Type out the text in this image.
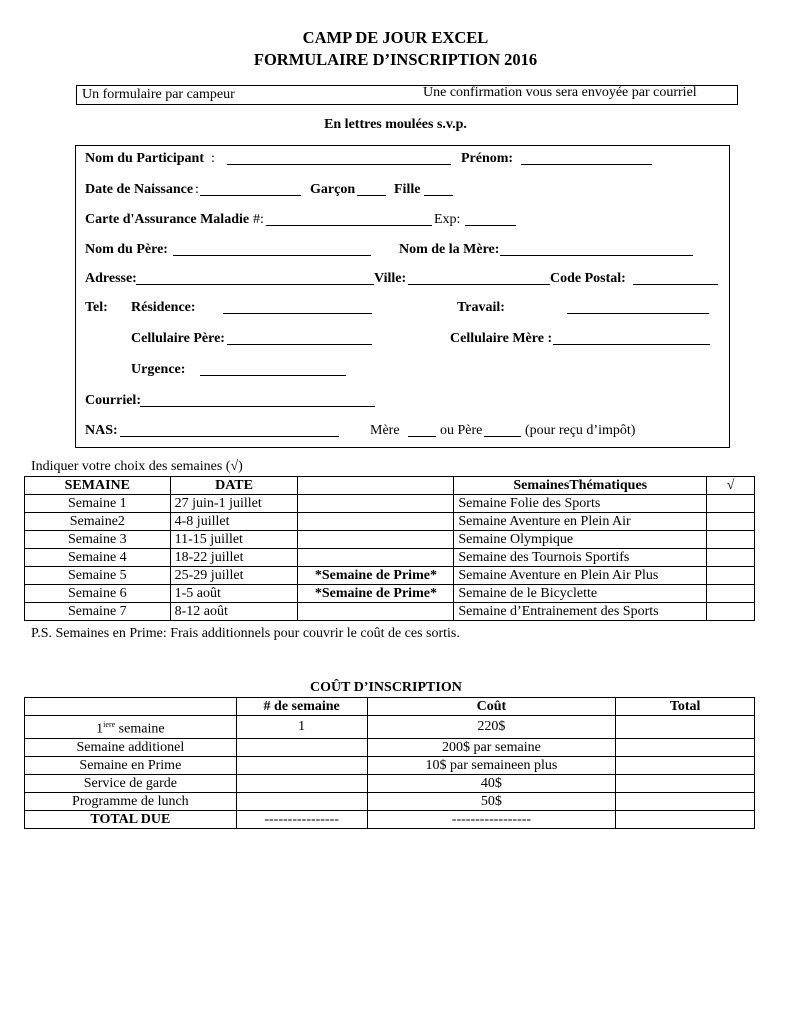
CAMP DE JOUR EXCEL
FORMULAIRE D’INSCRIPTION 2016
Un formulaire par campeur	Une confirmation vous sera envoyée par courriel
En lettres moulées s.v.p.
Nom du Participant :	Prénom:
Date de Naissance :	Garçon	Fille
Carte d'Assurance Maladie #:	Exp:
Nom du Père:	Nom de la Mère:
Adresse:	Ville:	Code Postal:
Tel: Résidence:	Travail:
Cellulaire Père:	Cellulaire Mère :
Urgence:
Courriel:
NAS:	Mère	ou Père	(pour reçu d’impôt)
Indiquer votre choix des semaines (√)
SEMAINE	DATE		SemainesThématiques	√
Semaine 1	27 juin-1 juillet		Semaine Folie des Sports	
Semaine2	4-8 juillet		Semaine Aventure en Plein Air	
Semaine 3	11-15 juillet		Semaine Olympique	
Semaine 4	18-22 juillet		Semaine des Tournois Sportifs	
Semaine 5	25-29 juillet	*Semaine de Prime*	Semaine Aventure en Plein Air Plus	
Semaine 6	1-5 août	*Semaine de Prime*	Semaine de le Bicyclette	
Semaine 7	8-12 août		Semaine d’Entrainement des Sports	
P.S. Semaines en Prime: Frais additionnels pour couvrir le coût de ces sortis.
COÛT D’INSCRIPTION
	# de semaine	Coût	Total
$1^{iere}$ semaine	1	220$	
Semaine additionel		200$ par semaine	
Semaine en Prime		10$ par semaineen plus	
Service de garde		40$	
Programme de lunch		50$	
TOTAL DUE	----------------	-----------------	
